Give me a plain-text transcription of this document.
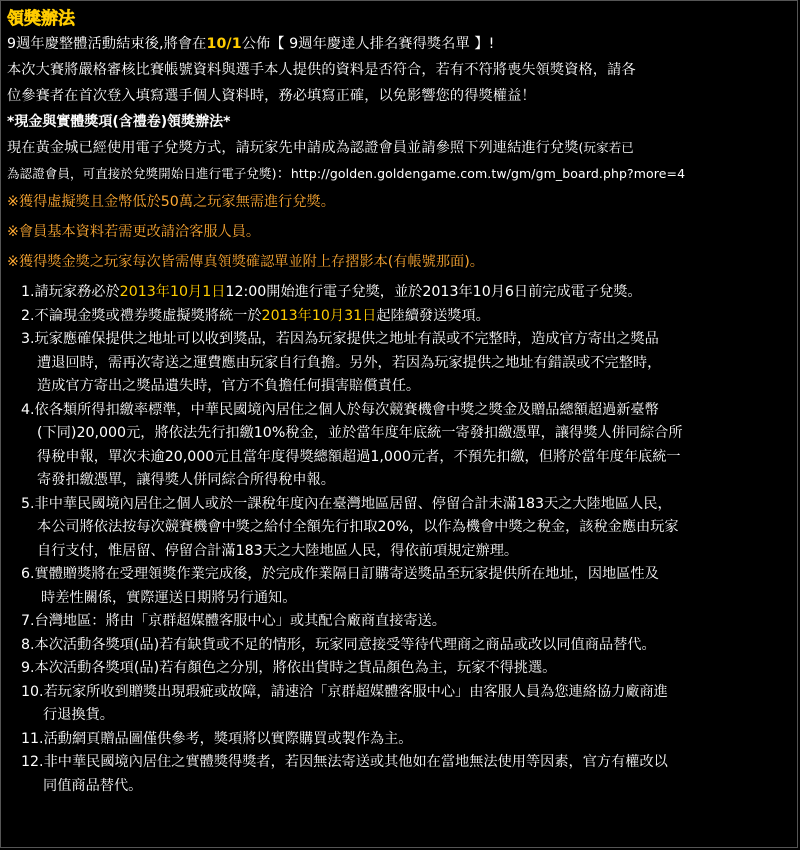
領獎辦法
9週年慶整體活動結束後,將會在10/1公佈【 9週年慶達人排名賽得獎名單 】!
本次大賽將嚴格審核比賽帳號資料與選手本人提供的資料是否符合，若有不符將喪失領獎資格，請各
位參賽者在首次登入填寫選手個人資料時，務必填寫正確，以免影響您的得獎權益！
*現金與實體獎項(含禮卷)領獎辦法*
現在黃金城已經使用電子兌獎方式，請玩家先申請成為認證會員並請參照下列連結進行兌獎(玩家若已
為認證會員，可直接於兌獎開始日進行電子兌獎)：http://golden.goldengame.com.tw/gm/gm_board.php?more=4
※獲得虛擬獎且金幣低於50萬之玩家無需進行兌獎。
※會員基本資料若需更改請洽客服人員。
※獲得獎金獎之玩家每次皆需傳真領獎確認單並附上存摺影本(有帳號那面)。
1.請玩家務必於2013年10月1日12:00開始進行電子兌獎，並於2013年10月6日前完成電子兌獎。
2.不論現金獎或禮券獎虛擬獎將統一於2013年10月31日起陸續發送獎項。
3.玩家應確保提供之地址可以收到獎品，若因為玩家提供之地址有誤或不完整時，造成官方寄出之獎品
遭退回時，需再次寄送之運費應由玩家自行負擔。另外，若因為玩家提供之地址有錯誤或不完整時，
造成官方寄出之獎品遺失時，官方不負擔任何損害賠償責任。
4.依各類所得扣繳率標準，中華民國境內居住之個人於每次競賽機會中獎之獎金及贈品總額超過新臺幣
(下同)20,000元，將依法先行扣繳10%稅金，並於當年度年底統一寄發扣繳憑單，讓得獎人併同綜合所
得稅申報，單次未逾20,000元且當年度得獎總額超過1,000元者，不預先扣繳，但將於當年度年底統一
寄發扣繳憑單，讓得獎人併同綜合所得稅申報。
5.非中華民國境內居住之個人或於一課稅年度內在臺灣地區居留、停留合計未滿183天之大陸地區人民，
本公司將依法按每次競賽機會中獎之給付全額先行扣取20%，以作為機會中獎之稅金，該稅金應由玩家
自行支付，惟居留、停留合計滿183天之大陸地區人民，得依前項規定辦理。
6.實體贈獎將在受理領獎作業完成後，於完成作業隔日訂購寄送獎品至玩家提供所在地址，因地區性及
時差性關係，實際運送日期將另行通知。
7.台灣地區：將由「京群超媒體客服中心」或其配合廠商直接寄送。
8.本次活動各獎項(品)若有缺貨或不足的情形，玩家同意接受等待代理商之商品或改以同值商品替代。
9.本次活動各獎項(品)若有顏色之分別，將依出貨時之貨品顏色為主，玩家不得挑選。
10.若玩家所收到贈獎出現瑕疵或故障，請速洽「京群超媒體客服中心」由客服人員為您連絡協力廠商進
行退換貨。
11.活動網頁贈品圖僅供參考，獎項將以實際購買或製作為主。
12.非中華民國境內居住之實體獎得獎者，若因無法寄送或其他如在當地無法使用等因素，官方有權改以
同值商品替代。
